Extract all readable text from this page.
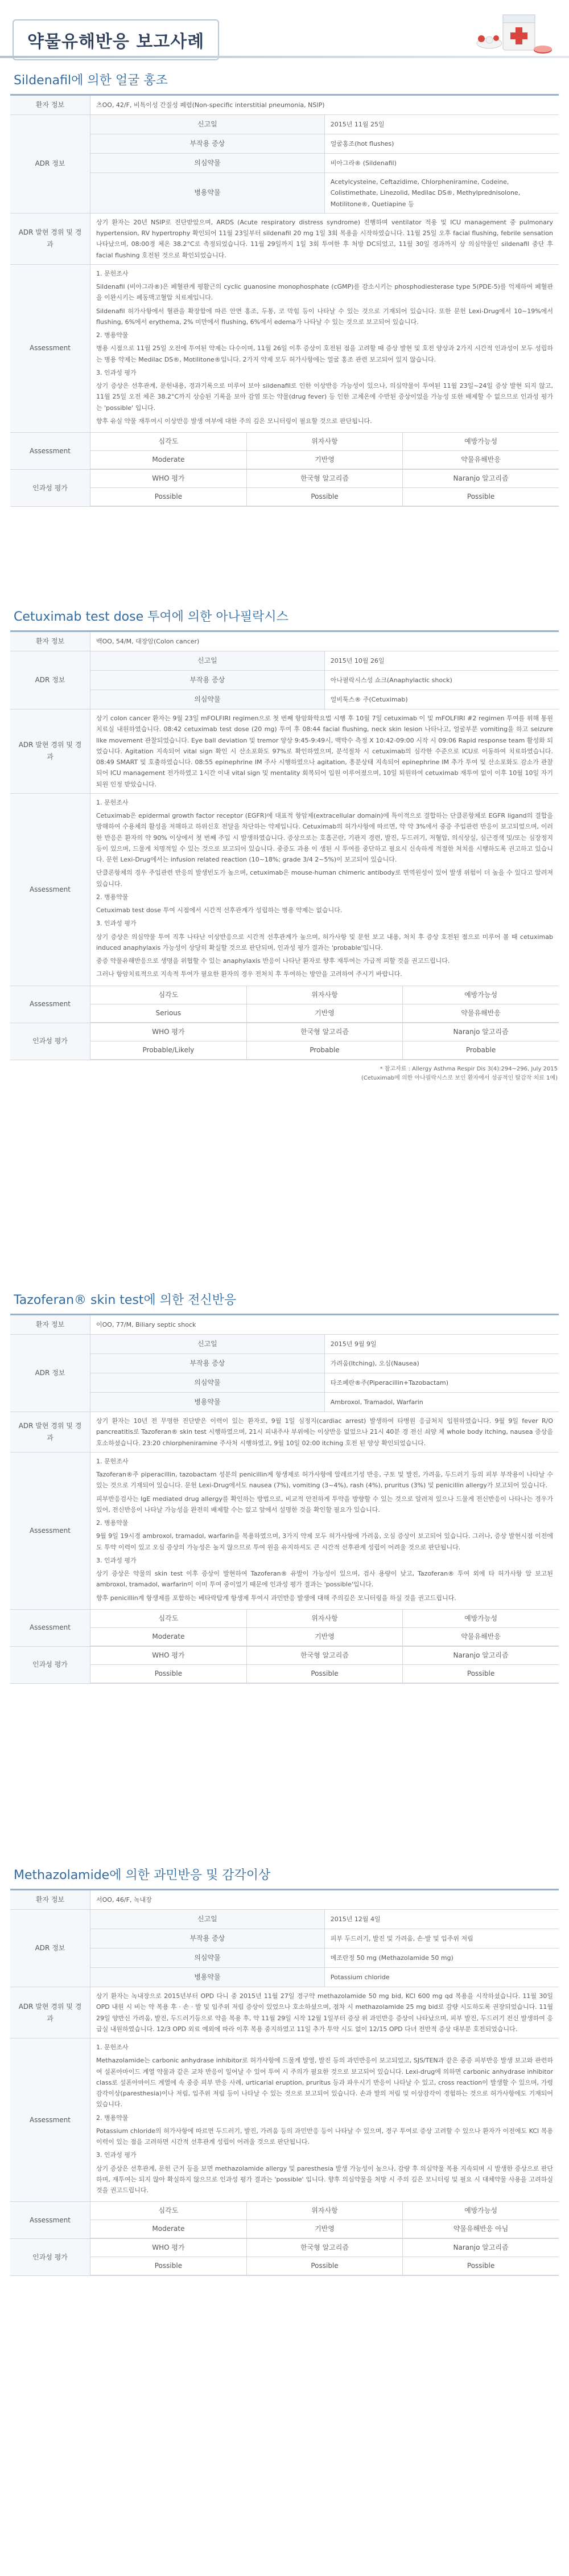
약물유해반응 보고사례
Sildenafil에 의한 얼굴 홍조
환자 정보	츠OO, 42/F, 비특이성 간질성 폐렴(Non-specific interstitial pneumonia, NSIP)
ADR 정보	신고일	2015년 11월 25일
부작용 증상	얼굴홍조(hot flushes)
의심약물	비아그라® (Sildenafil)
병용약물	Acetylcysteine, Ceftazidime, Chlorpheniramine, Codeine, Colistimethate, Linezolid, Medilac DS®, Methylprednisolone, Motilitone®, Quetiapine 등
ADR 발현 경위 및 경과	상기 환자는 20년 NSIP로 진단받았으며, ARDS (Acute respiratory distress syndrome) 진행하며 ventilator 적용 및 ICU management 중 pulmonary hypertension, RV hypertrophy 확인되어 11월 23일부터 sildenafil 20 mg 1일 3회 복용을 시작하였습니다. 11월 25일 오후 facial flushing, febrile sensation 나타났으며, 08:00경 체온 38.2°C로 측정되었습니다. 11월 29일까지 1일 3회 투여한 후 처방 DC되었고, 11월 30일 경과까지 상 의심약물인 sildenafil 중단 후 facial flushing 호전된 것으로 확인되었습니다.
Assessment	

1. 문헌조사

Sildenafil (비아그라®)은 페혈관계 평활근의 cyclic guanosine monophosphate (cGMP)를 감소시키는 phosphodiesterase type 5(PDE-5)를 억제하여 페혈관을 이완시키는 페동맥고혈압 치료제입니다.

Sildenafil 허가사항에서 혈관을 확장함에 따른 안면 홍조, 두통, 코 막힘 등이 나타날 수 있는 것으로 기재되어 있습니다. 또한 문헌 Lexi-Drug에서 10~19%에서 flushing, 6%에서 erythema, 2% 미만에서 flushing, 6%에서 edema가 나타날 수 있는 것으로 보고되어 있습니다.

2. 병용약물

병용 시점으로 11월 25일 오전에 투여된 약제는 다수이며, 11월 26일 이후 증상이 호전된 점을 고려할 때 증상 발현 및 호전 양상과 2가지 시간적 인과성이 모두 성립하는 병용 약제는 Medilac DS®, Motilitone®입니다. 2가지 약제 모두 허가사항에는 얼굴 홍조 관련 보고되어 있지 않습니다.

3. 인과성 평가

상기 증상은 선후관계, 문헌내용, 경과기록으로 미루어 보아 sildenafil로 인한 이상반응 가능성이 있으나, 의심약물이 투여된 11월 23일~24일 증상 발현 되지 않고, 11월 25일 오전 체온 38.2°C까지 상승된 기록을 보아 감염 또는 약물(drug fever) 등 인한 고체온에 수반된 증상이었을 가능성 또한 배제할 수 없으므로 인과성 평가는 'possible' 입니다.

향후 유실 약물 재투여시 이상반응 발생 여부에 대한 주의 깊은 모니터링이 필요할 것으로 판단됩니다.

Assessment	
심각도	위자사항	예방가능성
Moderate	기반영	약물유해반응

인과성 평가	
WHO 평가	한국형 알고리즘	Naranjo 알고리즘
Possible	Possible	Possible
Cetuximab test dose 투여에 의한 아나필락시스
환자 정보	백OO, 54/M, 대장암(Colon cancer)
ADR 정보	신고일	2015년 10월 26일
부작용 증상	아나필락시스성 쇼크(Anaphylactic shock)
의심약물	얼비툭스® 주(Cetuximab)
ADR 발현 경위 및 경과	상기 colon cancer 환자는 9월 23일 mFOLFIRI regimen으로 첫 번째 항암화학요법 시행 후 10월 7일 cetuximab 이 및 mFOLFIRI #2 regimen 투여를 위해 통원치료실 내원하였습니다. 08:42 cetuximab test dose (20 mg) 투여 후 08:44 facial flushing, neck skin lesion 나타나고, 얼굴부분 vomiting을 하고 seizure like movement 관찰되었습니다. Eye ball deviation 및 tremor 양상 9:45-9:49시, 맥박수 측정 X 10:42-09:00 시작 시 09:06 Rapid response team 활성화 되었습니다. Agitation 지속되어 vital sign 확인 시 산소포화도 97%로 확인하였으며, 분석절차 시 cetuximab의 심각한 수준으로 ICU로 이동하여 치료하였습니다. 08:49 SMART 및 호출하였습니다. 08:55 epinephrine IM 주사 시행하였으나 agitation, 흥분상태 지속되어 epinephrine IM 추가 투여 및 산소포화도 감소가 관찰되어 ICU management 전가하였고 1시간 이내 vital sign 및 mentality 회복되어 입원 이루어졌으며, 10일 퇴원하여 cetuximab 재투여 없이 이후 10월 10일 자기 퇴원 인정 받았습니다.
Assessment	

1. 문헌조사

Cetuximab은 epidermal growth factor receptor (EGFR)에 대표적 항암제(extracellular domain)에 특이적으로 결합하는 단클론항체로 EGFR ligand의 결합을 방해하여 수용체의 활성을 저해하고 하위신호 전달을 차단하는 약제입니다. Cetuximab의 허가사항에 따르면, 약 약 3%에서 중증 주입관련 반응이 보고되었으며, 이러한 반응은 환자의 약 90% 이상에서 첫 번째 주입 시 발생하였습니다. 증상으로는 호흡곤란, 기관지 경련, 발진, 두드러기, 저혈압, 의식상실, 심근경색 및/또는 심장정지 등이 있으며, 드물게 치명적일 수 있는 것으로 보고되어 있습니다. 중증도 과용 이 생된 시 투여를 중단하고 필요시 신속하게 적절한 처치를 시행하도록 권고하고 있습니다. 문헌 Lexi-Drug에서는 infusion related reaction (10~18%; grade 3/4 2~5%)이 보고되어 있습니다.

단클론항체의 경우 주입관련 반응의 발생빈도가 높으며, cetuximab은 mouse-human chimeric antibody로 면역원성이 있어 발생 위험이 더 높을 수 있다고 알려져 있습니다.

2. 병용약물

Cetuximab test dose 투여 시점에서 시간적 선후관계가 성립하는 병용 약제는 없습니다.

3. 인과성 평가

상기 증상은 의심약물 투여 직후 나타난 이상반응으로 시간적 선후관계가 높으며, 허가사항 및 문헌 보고 내용, 처치 후 증상 호전된 점으로 미루어 볼 때 cetuximab induced anaphylaxis 가능성이 상당히 확실할 것으로 판단되며, 인과성 평가 결과는 'probable'입니다.

중증 약물유해반응으로 생명을 위협할 수 있는 anaphylaxis 반응이 나타난 환자로 향후 재투여는 가급적 피할 것을 권고드립니다.

그러나 항암치료적으로 지속적 투여가 필요한 환자의 경우 전처치 후 투여하는 방안을 고려하여 주시기 바랍니다.

Assessment	
심각도	위자사항	예방가능성
Serious	기반영	약물유해반응

인과성 평가	
WHO 평가	한국형 알고리즘	Naranjo 알고리즘
Probable/Likely	Probable	Probable
* 참고자료 : Allergy Asthma Respir Dis 3(4):294~296, July 2015
(Cetuximab에 의한 아나필락시스로 보인 환자에서 성공적인 탈감작 치료 1예)
Tazoferan® skin test에 의한 전신반응
환자 정보	이OO, 77/M, Biliary septic shock
ADR 정보	신고일	2015년 9월 9일
부작용 증상	가려움(Itching), 오심(Nausea)
의심약물	타조페란®주(Piperacillin+Tazobactam)
병용약물	Ambroxol, Tramadol, Warfarin
ADR 발현 경위 및 경과	상기 환자는 10년 전 무명한 진단받은 이력이 있는 환자로, 9월 1일 심정지(cardiac arrest) 발생하여 타병원 응급처치 입원하였습니다. 9월 9일 fever R/O pancreatitis로 Tazoferan® skin test 시행하였으며, 21시 피내주사 부위에는 이상반응 없었으나 21시 40분 경 전신 쇠양 체 whole body itching, nausea 증상을 호소하셨습니다. 23:20 chlorpheniramine 주사처 시행하였고, 9월 10일 02:00 itching 호전 된 양상 확인되었습니다.
Assessment	

1. 문헌조사

Tazoferan®주 piperacillin, tazobactam 성분의 penicillin계 항생제로 허가사항에 알레르기성 반응, 구토 및 발진, 가려움, 두드러기 등의 피부 부작용이 나타날 수 있는 것으로 기재되어 있습니다. 문헌 Lexi-Drug에서도 nausea (7%), vomiting (3~4%), rash (4%), pruritus (3%) 및 penicillin allergy가 보고되어 있습니다.

피부반응검사는 IgE mediated drug allergy를 확인하는 방법으로, 비교적 안전하게 투약을 방향할 수 있는 것으로 알려져 있으나 드물게 전신반응이 나타나는 경우가 있어, 전신반응이 나타날 가능성을 완전히 배제할 수는 없고 앞에서 설명한 것을 확인할 필요가 있습니다.

2. 병용약물

9월 9일 19시경 ambroxol, tramadol, warfarin을 복용하였으며, 3가지 약제 모두 허가사항에 가려움, 오심 증상이 보고되어 있습니다. 그러나, 증상 발현시점 이전에도 투약 이력이 있고 오심 증상의 가능성은 높지 않으므로 투여 원을 유지하셔도 큰 시간적 선후관계 성립이 어려울 것으로 판단됩니다.

3. 인과성 평가

상기 증상은 약물의 skin test 이후 증상이 발현하여 Tazoferan® 유발이 가능성이 있으며, 검사 용량이 낮고, Tazoferan® 투여 외에 타 허가사항 알 보고된 ambroxol, tramadol, warfarin이 이미 투여 중이었기 때문에 인과성 평가 결과는 'possible'입니다.

향후 penicillin계 항생제를 포함하는 베타락탐계 항생제 투여시 과민반응 발생에 대해 주의깊은 모니터링을 하실 것을 권고드립니다.

Assessment	
심각도	위자사항	예방가능성
Moderate	기반영	약물유해반응

인과성 평가	
WHO 평가	한국형 알고리즘	Naranjo 알고리즘
Possible	Possible	Possible
Methazolamide에 의한 과민반응 및 감각이상
환자 정보	서OO, 46/F, 녹내장
ADR 정보	신고일	2015년 12월 4일
부작용 증상	피부 두드러기, 발진 및 가려움, 손·발 및 입주위 저림
의심약물	메조란정 50 mg (Methazolamide 50 mg)
병용약물	Potassium chloride
ADR 발현 경위 및 경과	상기 환자는 녹내장으로 2015년부터 OPD 다니 중 2015년 11월 27일 경구약 methazolamide 50 mg bid, KCl 600 mg qd 복용을 시작하셨습니다. 11월 30일 OPD 내원 시 비는 약 복용 후 · 손 · 발 및 입주위 저림 증상이 있었으나 호소하셨으며, 점차 시 methazolamide 25 mg bid로 감량 시도하도록 권장되었습니다. 11월 29일 양반신 가려움, 발진, 두드러기등으로 약을 복용 후, 약 11월 29일 시작 12월 1일부터 증상 위 과민반응 증상이 나타났으며, 피부 발진, 두드러기 전신 발생하여 응급실 내원하였습니다. 12/3 OPD 외료 예외에 따라 이후 복용 중지하였고 11일 추가 투약 시도 없이 12/15 OPD 다녀 전반적 증상 대부분 호전되었습니다.
Assessment	

1. 문헌조사

Methazolamide는 carbonic anhydrase inhibitor로 허가사항에 드물게 발열, 발진 등의 과민반응이 보고되었고, SJS/TEN과 같은 중증 피부반응 발생 보고와 관련하여 설폰아마이드 계열 약물과 같은 교차 반응이 일어날 수 있어 투여 시 주의가 필요한 것으로 보고되어 있습니다. Lexi-drug에 의하면 carbonic anhydrase inhibitor class로 설폰아마이드 계열에 속 중증 피부 반응 사례, urticarial eruption, pruritus 등과 파우시기 반응이 나타날 수 있고, cross reaction이 발생할 수 있으며, 가령 감각이상(paresthesia)이나 저림, 입주위 저림 등이 나타날 수 있는 것으로 보고되어 있습니다. 손과 발의 저림 및 이상감각이 경험하는 것으로 허가사항에도 기재되어 있습니다.

2. 병용약물

Potassium chloride의 허가사항에 따르면 두드러기, 발진, 가려움 등의 과민반응 등이 나타날 수 있으며, 경구 투여로 증상 고려할 수 있으나 환자가 이전에도 KCl 복용 이력이 있는 점을 고려하면 시간적 선후관계 성립이 어려울 것으로 판단됩니다.

3. 인과성 평가

상기 증상은 선후관계, 문헌 근거 등을 보면 methazolamide allergy 및 paresthesia 발생 가능성이 높으나, 감량 후 의심약물 복용 지속되며 시 발생한 증상으로 판단하며, 재투여는 되지 않아 확실하지 않으므로 인과성 평가 결과는 'possible' 입니다. 향후 의심약물을 처방 시 주의 깊은 모니터링 및 필요 시 대체약물 사용을 고려하실 것을 권고드립니다.

Assessment	
심각도	위자사항	예방가능성
Moderate	기반영	약물유해반응 아님

인과성 평가	
WHO 평가	한국형 알고리즘	Naranjo 알고리즘
Possible	Possible	Possible
